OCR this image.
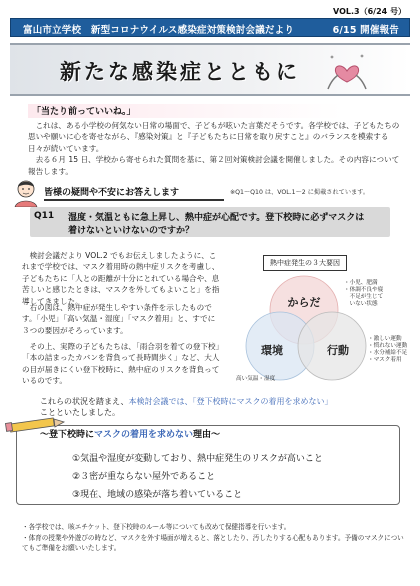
VOL.3（6/24 号）
富山市立学校　新型コロナウイルス感染症対策検討会議だより	6/15 開催報告
新たな感染症とともに
「当たり前っていいね。」
　これは、ある小学校の何気ない日常の場面で、子どもが呟いた言葉だそうです。各学校では、子どもたちの思いや願いに心を寄せながら、『感染対策』と『子どもたちに日常を取り戻すこと』のバランスを模索する日々が続いています。
　去る６月 15 日、学校から寄せられた質問を基に、第２回対策検討会議を開催しました。その内容について報告します。
皆様の疑問や不安にお答えします	※Q1～Q10 は、VOL.1～2 に掲載されています。
Q11 湿度・気温ともに急上昇し、熱中症が心配です。登下校時に必ずマスクは
着けないといけないのですか？
　検討会議だより VOL.2 でもお伝えしましたように、これまで学校では、マスク着用時の熱中症リスクを考慮し、子どもたちに「人との距離が十分にとれている場合や、息苦しいと感じたときは、マスクを外してもよいこと」を指導してきました。
　右の図は、熱中症が発生しやすい条件を示したものです。「小児」「高い気温・湿度」「マスク着用」と、すでに３つの要因がそろっています。
　その上、実際の子どもたちは、「雨合羽を着ての登下校」「本の詰まったカバンを背負って長時間歩く」など、大人の目が届きにくい登下校時に、熱中症のリスクを背負っているのです。
熱中症発生の３大要因
からだ
環境	行動
・小児、肥満
・体調不良や寝
　不足が生じて
　いない状態
・激しい運動
・慣れない運動
・水分補給不足
・マスク着用
高い気温・湿度
これらの状況を踏まえ、本検討会議では、「登下校時にマスクの着用を求めない」
ことといたしました。
～登下校時にマスクの着用を求めない理由～
①気温や湿度が変動しており、熱中症発生のリスクが高いこと
②３密が重ならない屋外であること
③現在、地域の感染が落ち着いていること
・各学校では、咳エチケット、登下校時のルール等についても改めて保健指導を行います。
・体育の授業や外遊びの時など、マスクを外す場面が増えると、落としたり、汚したりする心配もあります。予備のマスクについてもご準備をお願いいたします。
